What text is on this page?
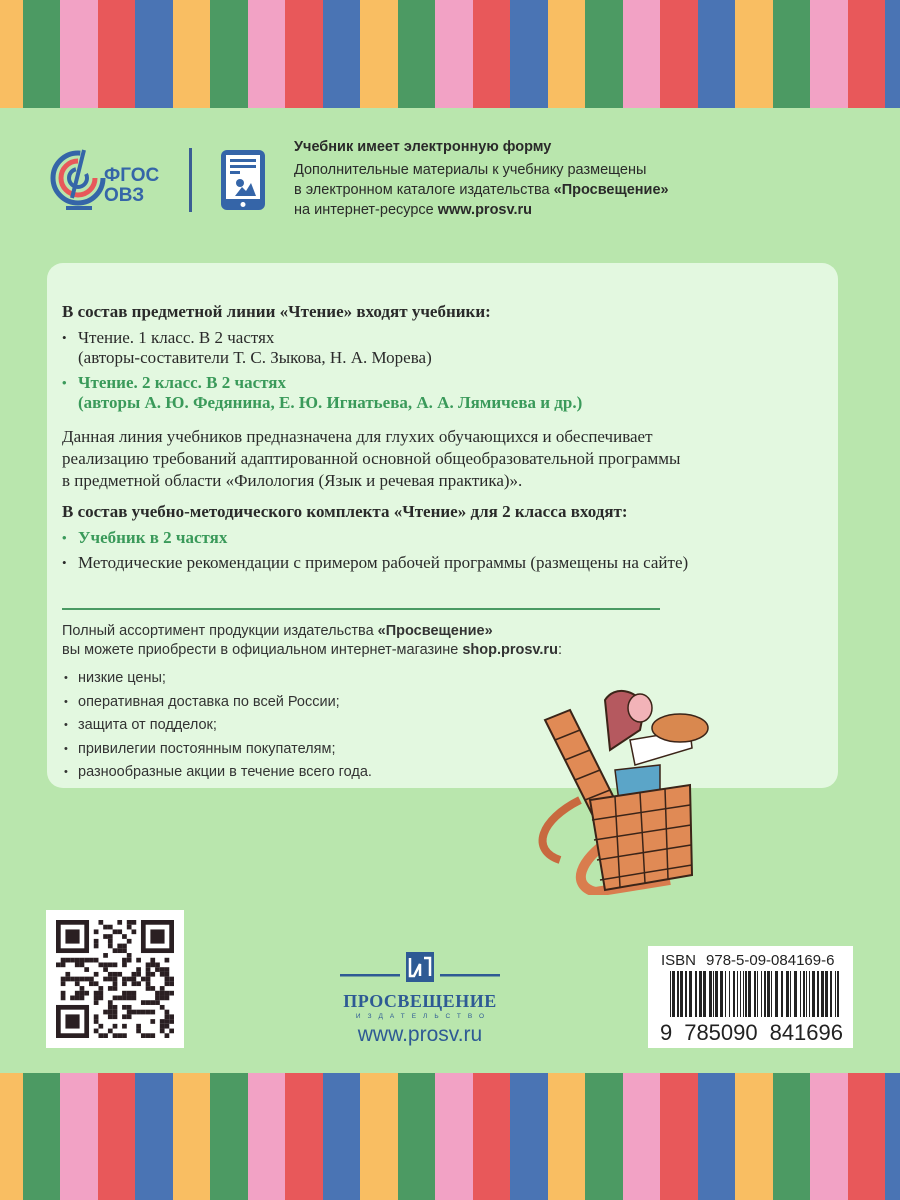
ФГОС
ОВЗ
Учебник имеет электронную форму
Дополнительные материалы к учебнику размещены
в электронном каталоге издательства «Просвещение»
на интернет-ресурсе www.prosv.ru
В состав предметной линии «Чтение» входят учебники:
• Чтение. 1 класс. В 2 частях
(авторы-составители Т. С. Зыкова, Н. А. Морева)
• Чтение. 2 класс. В 2 частях
(авторы А. Ю. Федянина, Е. Ю. Игнатьева, А. А. Лямичева и др.)
Данная линия учебников предназначена для глухих обучающихся и обеспечивает
реализацию требований адаптированной основной общеобразовательной программы
в предметной области «Филология (Язык и речевая практика)».
В состав учебно-методического комплекта «Чтение» для 2 класса входят:
• Учебник в 2 частях
• Методические рекомендации с примером рабочей программы (размещены на сайте)
Полный ассортимент продукции издательства «Просвещение»
вы можете приобрести в официальном интернет-магазине shop.prosv.ru:
• низкие цены;
• оперативная доставка по всей России;
• защита от подделок;
• привилегии постоянным покупателям;
• разнообразные акции в течение всего года.
ПРОСВЕЩЕНИЕ
ИЗДАТЕЛЬСТВО
www.prosv.ru
ISBN 978-5-09-084169-6
9 785090 841696
